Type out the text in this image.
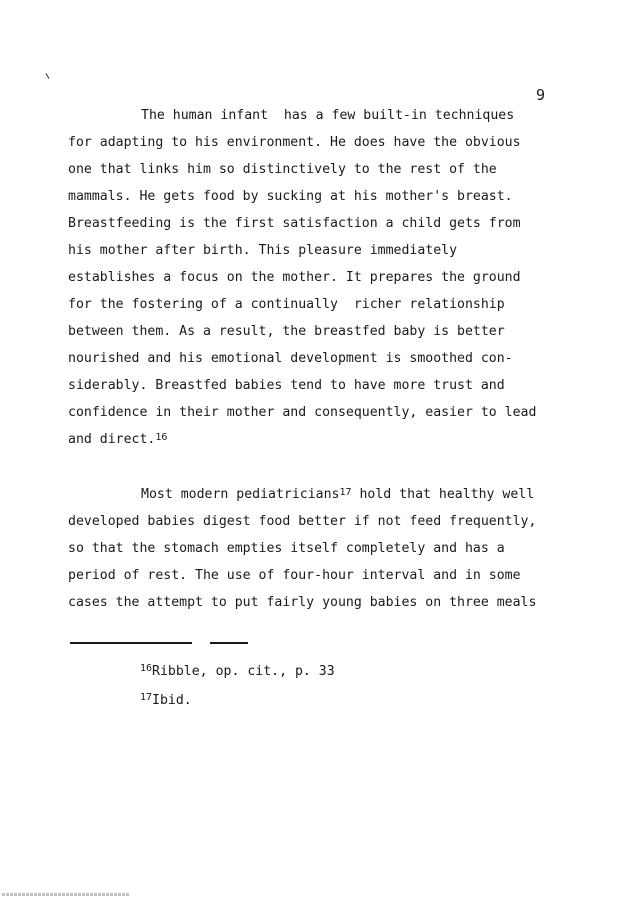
9
The human infant  has a few built-in techniques
for adapting to his environment. He does have the obvious
one that links him so distinctively to the rest of the
mammals. He gets food by sucking at his mother's breast.
Breastfeeding is the first satisfaction a child gets from
his mother after birth. This pleasure immediately
establishes a focus on the mother. It prepares the ground
for the fostering of a continually  richer relationship
between them. As a result, the breastfed baby is better
nourished and his emotional development is smoothed con-
siderably. Breastfed babies tend to have more trust and
confidence in their mother and consequently, easier to lead
and direct.$^{16}$
Most modern pediatricians$^{17}$ hold that healthy well
developed babies digest food better if not feed frequently,
so that the stomach empties itself completely and has a
period of rest. The use of four-hour interval and in some
cases the attempt to put fairly young babies on three meals
$^{16}$Ribble, op. cit., p. 33
$^{17}$Ibid.
